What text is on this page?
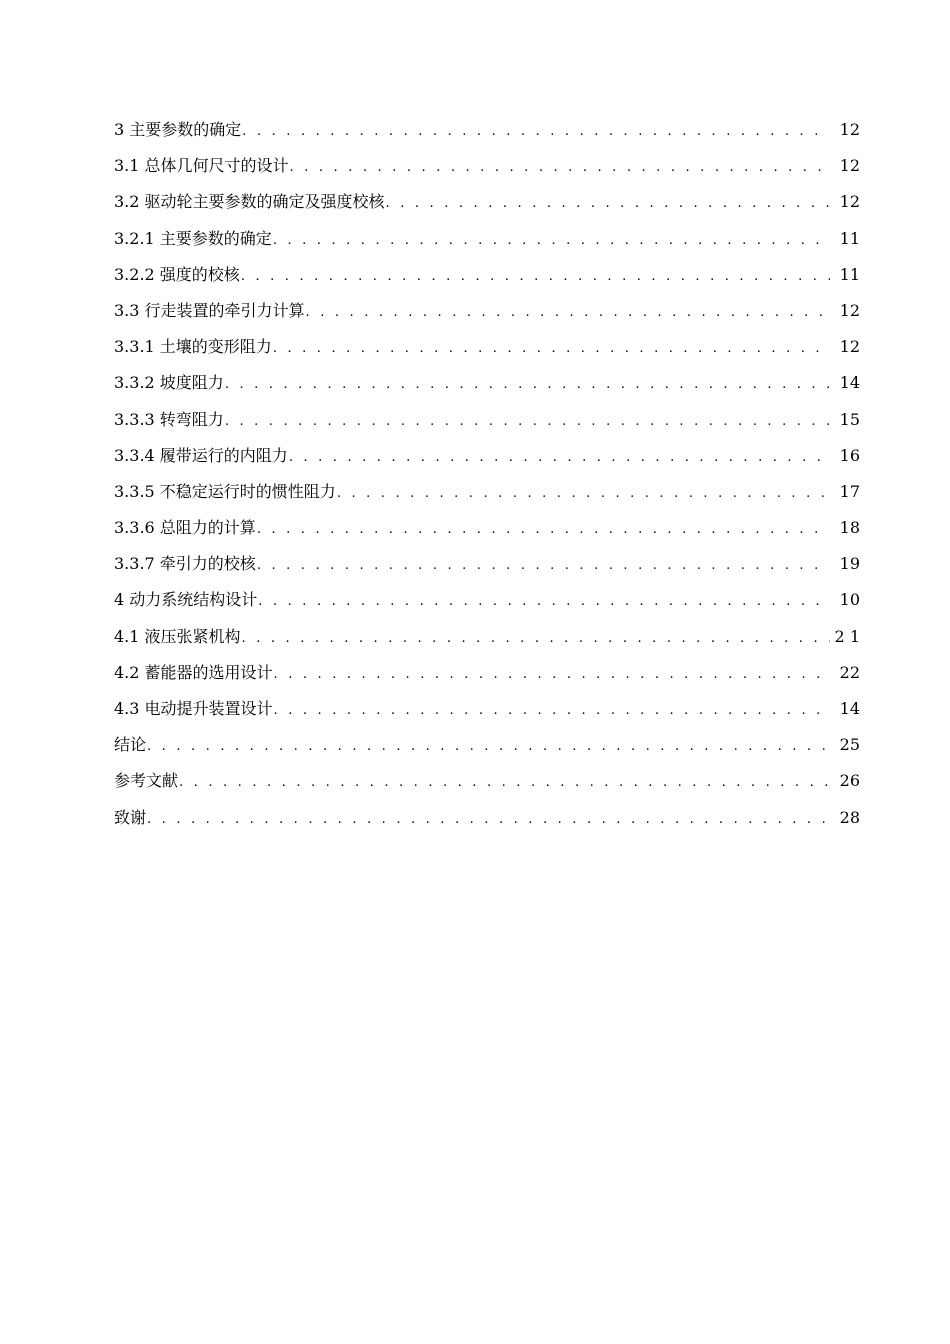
3 主要参数的确定 . . .	12
3.1 总体几何尺寸的设计 . . .	12
3.2 驱动轮主要参数的确定及强度校核 . . .	12
3.2.1 主要参数的确定 . . .	11
3.2.2 强度的校核 . . .	11
3.3 行走装置的牵引力计算 . . .	12
3.3.1 土壤的变形阻力 . . .	12
3.3.2 坡度阻力 . . .	14
3.3.3 转弯阻力 . . .	15
3.3.4 履带运行的内阻力 . . .	16
3.3.5 不稳定运行时的惯性阻力 . . .	17
3.3.6 总阻力的计算 . . .	18
3.3.7 牵引力的校核 . . .	19
4 动力系统结构设计 . . .	10
4.1 液压张紧机构 . . .	2 1
4.2 蓄能器的选用设计 . . .	22
4.3 电动提升装置设计 . . .	14
结论 . . .	25
参考文献 . . .	26
致谢 . . .	28
